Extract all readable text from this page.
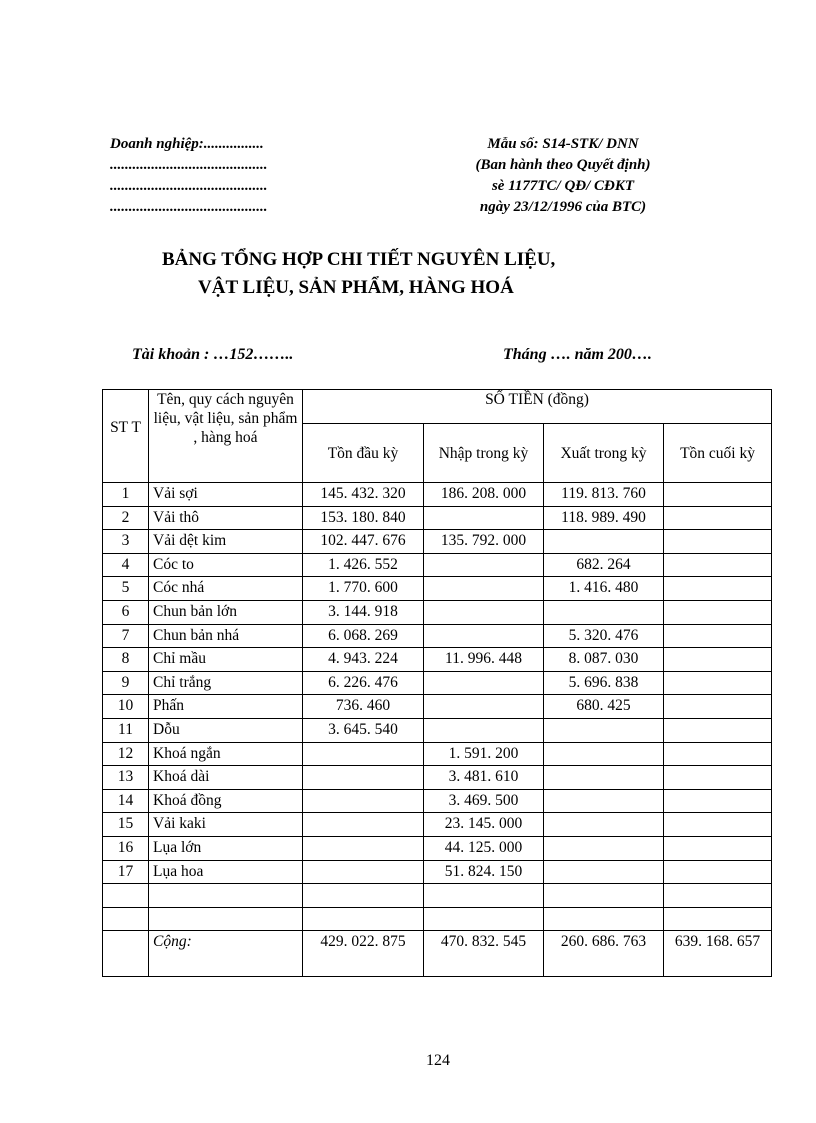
Doanh nghiệp:................
..........................................
..........................................
..........................................
Mẫu số: S14-STK/ DNN
(Ban hành theo Quyết định)
sè 1177TC/ QĐ/ CĐKT
ngày 23/12/1996 của BTC)
BẢNG TỔNG HỢP CHI TIẾT NGUYÊN LIỆU,
VẬT LIỆU, SẢN PHẨM, HÀNG HOÁ
Tài khoản : …152……..	Tháng …. năm 200….
ST T	Tên, quy cách nguyên liệu, vật liệu, sản phẩm , hàng hoá	SỐ TIỀN (đồng)			
		Tồn đầu kỳ	Nhập trong kỳ	Xuất trong kỳ	Tồn cuối kỳ
1	Vải sợi	145. 432. 320	186. 208. 000	119. 813. 760	
2	Vải thô	153. 180. 840		118. 989. 490	
3	Vải dệt kim	102. 447. 676	135. 792. 000		
4	Cóc to	1. 426. 552		682. 264	
5	Cóc nhá	1. 770. 600		1. 416. 480	
6	Chun bản lớn	3. 144. 918			
7	Chun bản nhá	6. 068. 269		5. 320. 476	
8	Chỉ mầu	4. 943. 224	11. 996. 448	8. 087. 030	
9	Chỉ trắng	6. 226. 476		5. 696. 838	
10	Phấn	736. 460		680. 425	
11	Dỗu	3. 645. 540			
12	Khoá ngắn		1. 591. 200		
13	Khoá dài		3. 481. 610		
14	Khoá đồng		3. 469. 500		
15	Vải kaki		23. 145. 000		
16	Lụa lớn		44. 125. 000		
17	Lụa hoa		51. 824. 150		

	Cộng:	429. 022. 875	470. 832. 545	260. 686. 763	639. 168. 657
124
